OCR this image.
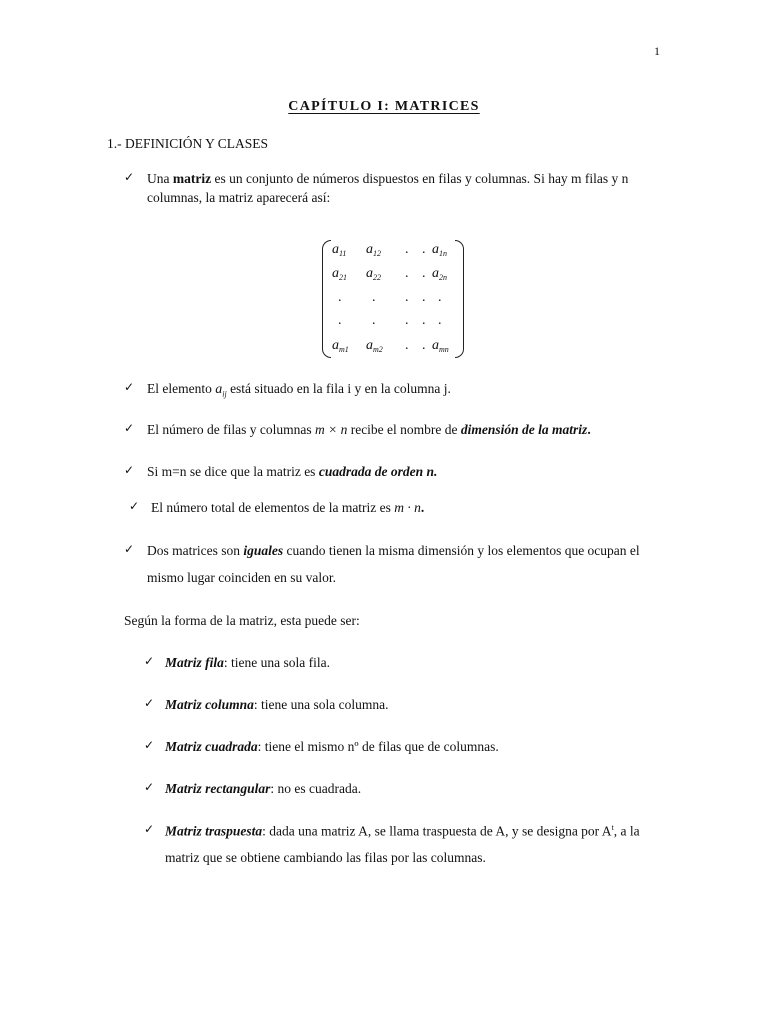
1
CAPÍTULO I: MATRICES
1.- DEFINICIÓN Y CLASES
✓ Una matriz es un conjunto de números dispuestos en filas y columnas. Si hay m filas y n
columnas, la matriz aparecerá así:
$a_{11}$ $a_{12}$ . . $a_{1n}$
$a_{21}$ $a_{22}$ . . $a_{2n}$
. . . . .
. . . . .
$a_{m1}$ $a_{m2}$ . . $a_{mn}$
✓ El elemento $a_{ij}$ está situado en la fila i y en la columna j.
✓ El número de filas y columnas m × n recibe el nombre de dimensión de la matriz.
✓ Si m=n se dice que la matriz es cuadrada de orden n.
✓ El número total de elementos de la matriz es m · n.
✓ Dos matrices son iguales cuando tienen la misma dimensión y los elementos que ocupan el
mismo lugar coinciden en su valor.
Según la forma de la matriz, esta puede ser:
✓ Matriz fila: tiene una sola fila.
✓ Matriz columna: tiene una sola columna.
✓ Matriz cuadrada: tiene el mismo nº de filas que de columnas.
✓ Matriz rectangular: no es cuadrada.
✓ Matriz traspuesta: dada una matriz A, se llama traspuesta de A, y se designa por $A^t$, a la
matriz que se obtiene cambiando las filas por las columnas.
